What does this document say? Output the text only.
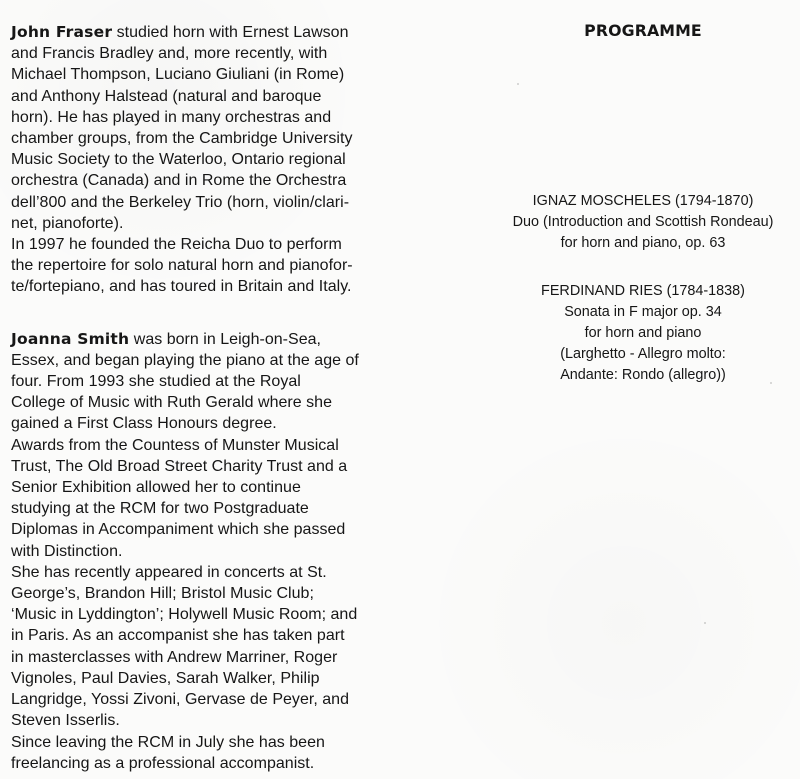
John Fraser studied horn with Ernest Lawson
and Francis Bradley and, more recently, with
Michael Thompson, Luciano Giuliani (in Rome)
and Anthony Halstead (natural and baroque
horn). He has played in many orchestras and
chamber groups, from the Cambridge University
Music Society to the Waterloo, Ontario regional
orchestra (Canada) and in Rome the Orchestra
dell’800 and the Berkeley Trio (horn, violin/clari-
net, pianoforte).
In 1997 he founded the Reicha Duo to perform
the repertoire for solo natural horn and pianofor-
te/fortepiano, and has toured in Britain and Italy.

Joanna Smith was born in Leigh-on-Sea,
Essex, and began playing the piano at the age of
four. From 1993 she studied at the Royal
College of Music with Ruth Gerald where she
gained a First Class Honours degree.
Awards from the Countess of Munster Musical
Trust, The Old Broad Street Charity Trust and a
Senior Exhibition allowed her to continue
studying at the RCM for two Postgraduate
Diplomas in Accompaniment which she passed
with Distinction.
She has recently appeared in concerts at St.
George’s, Brandon Hill; Bristol Music Club;
‘Music in Lyddington’; Holywell Music Room; and
in Paris. As an accompanist she has taken part
in masterclasses with Andrew Marriner, Roger
Vignoles, Paul Davies, Sarah Walker, Philip
Langridge, Yossi Zivoni, Gervase de Peyer, and
Steven Isserlis.
Since leaving the RCM in July she has been
freelancing as a professional accompanist.

PROGRAMME
IGNAZ MOSCHELES (1794-1870)
Duo (Introduction and Scottish Rondeau)
for horn and piano, op. 63
FERDINAND RIES (1784-1838)
Sonata in F major op. 34
for horn and piano
(Larghetto - Allegro molto:
Andante: Rondo (allegro))
